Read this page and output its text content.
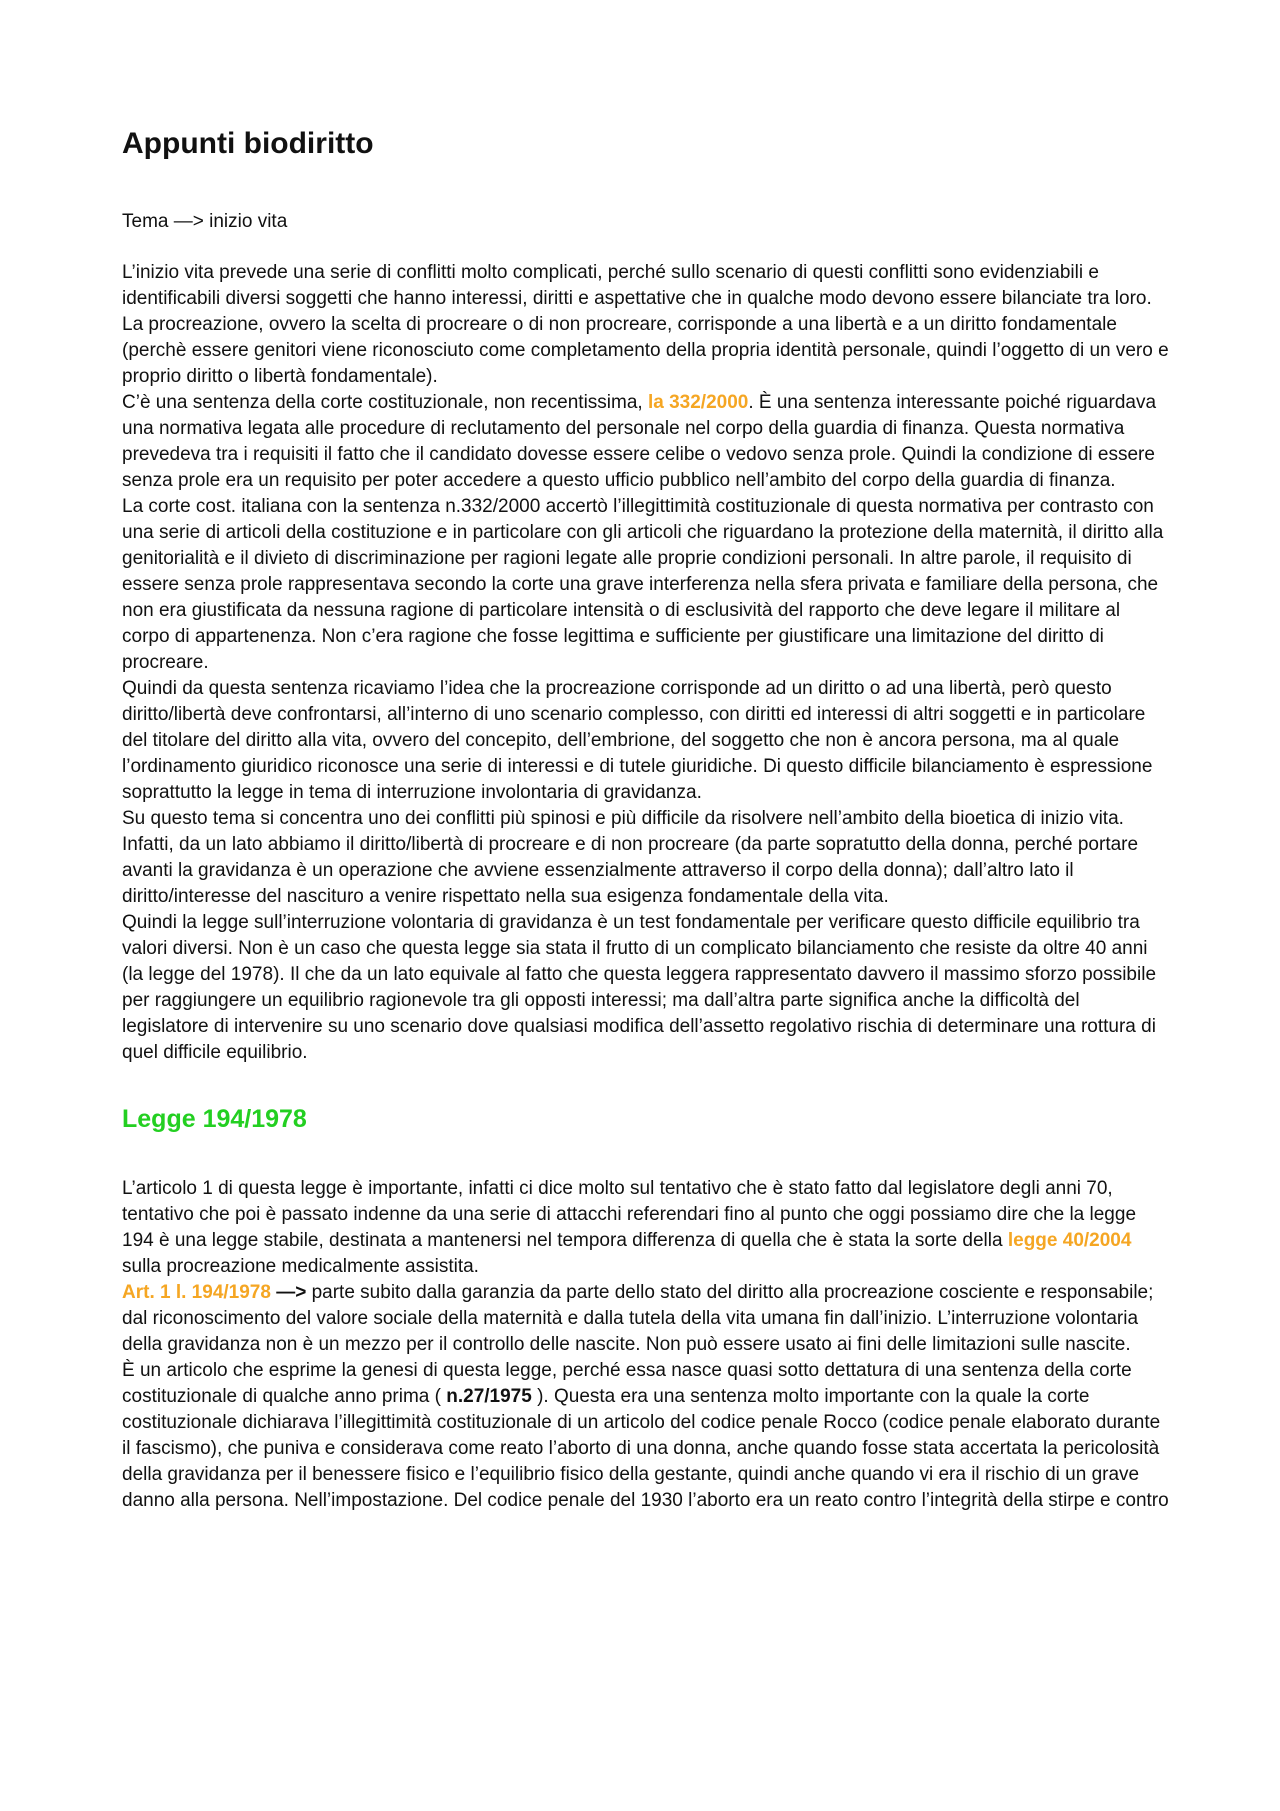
Appunti biodiritto

Tema —> inizio vita

L’inizio vita prevede una serie di conflitti molto complicati, perché sullo scenario di questi conflitti sono evidenziabili e identificabili diversi soggetti che hanno interessi, diritti e aspettative che in qualche modo devono essere bilanciate tra loro.

La procreazione, ovvero la scelta di procreare o di non procreare, corrisponde a una libertà e a un diritto fondamentale (perchè essere genitori viene riconosciuto come completamento della propria identità personale, quindi l’oggetto di un vero e proprio diritto o libertà fondamentale).

C’è una sentenza della corte costituzionale, non recentissima, la 332/2000. È una sentenza interessante poiché riguardava una normativa legata alle procedure di reclutamento del personale nel corpo della guardia di finanza. Questa normativa prevedeva tra i requisiti il fatto che il candidato dovesse essere celibe o vedovo senza prole. Quindi la condizione di essere senza prole era un requisito per poter accedere a questo ufficio pubblico nell’ambito del corpo della guardia di finanza.

La corte cost. italiana con la sentenza n.332/2000 accertò l’illegittimità costituzionale di questa normativa per contrasto con una serie di articoli della costituzione e in particolare con gli articoli che riguardano la protezione della maternità, il diritto alla genitorialità e il divieto di discriminazione per ragioni legate alle proprie condizioni personali. In altre parole, il requisito di essere senza prole rappresentava secondo la corte una grave interferenza nella sfera privata e familiare della persona, che non era giustificata da nessuna ragione di particolare intensità o di esclusività del rapporto che deve legare il militare al corpo di appartenenza. Non c’era ragione che fosse legittima e sufficiente per giustificare una limitazione del diritto di procreare.

Quindi da questa sentenza ricaviamo l’idea che la procreazione corrisponde ad un diritto o ad una libertà, però questo diritto/libertà deve confrontarsi, all’interno di uno scenario complesso, con diritti ed interessi di altri soggetti e in particolare del titolare del diritto alla vita, ovvero del concepito, dell’embrione, del soggetto che non è ancora persona, ma al quale l’ordinamento giuridico riconosce una serie di interessi e di tutele giuridiche. Di questo difficile bilanciamento è espressione soprattutto la legge in tema di interruzione involontaria di gravidanza.

Su questo tema si concentra uno dei conflitti più spinosi e più difficile da risolvere nell’ambito della bioetica di inizio vita. Infatti, da un lato abbiamo il diritto/libertà di procreare e di non procreare (da parte sopratutto della donna, perché portare avanti la gravidanza è un operazione che avviene essenzialmente attraverso il corpo della donna); dall’altro lato il diritto/interesse del nascituro a venire rispettato nella sua esigenza fondamentale della vita.

Quindi la legge sull’interruzione volontaria di gravidanza è un test fondamentale per verificare questo difficile equilibrio tra valori diversi. Non è un caso che questa legge sia stata il frutto di un complicato bilanciamento che resiste da oltre 40 anni (la legge del 1978). Il che da un lato equivale al fatto che questa leggera rappresentato davvero il massimo sforzo possibile per raggiungere un equilibrio ragionevole tra gli opposti interessi; ma dall’altra parte significa anche la difficoltà del legislatore di intervenire su uno scenario dove qualsiasi modifica dell’assetto regolativo rischia di determinare una rottura di quel difficile equilibrio.

Legge 194/1978

L’articolo 1 di questa legge è importante, infatti ci dice molto sul tentativo che è stato fatto dal legislatore degli anni 70, tentativo che poi è passato indenne da una serie di attacchi referendari fino al punto che oggi possiamo dire che la legge 194 è una legge stabile, destinata a mantenersi nel tempora differenza di quella che è stata la sorte della legge 40/2004 sulla procreazione medicalmente assistita.

Art. 1 l. 194/1978 —> parte subito dalla garanzia da parte dello stato del diritto alla procreazione cosciente e responsabile; dal riconoscimento del valore sociale della maternità e dalla tutela della vita umana fin dall’inizio. L’interruzione volontaria della gravidanza non è un mezzo per il controllo delle nascite. Non può essere usato ai fini delle limitazioni sulle nascite.

È un articolo che esprime la genesi di questa legge, perché essa nasce quasi sotto dettatura di una sentenza della corte costituzionale di qualche anno prima ( n.27/1975 ). Questa era una sentenza molto importante con la quale la corte costituzionale dichiarava l’illegittimità costituzionale di un articolo del codice penale Rocco (codice penale elaborato durante il fascismo), che puniva e considerava come reato l’aborto di una donna, anche quando fosse stata accertata la pericolosità della gravidanza per il benessere fisico e l’equilibrio fisico della gestante, quindi anche quando vi era il rischio di un grave danno alla persona. Nell’impostazione. Del codice penale del 1930 l’aborto era un reato contro l’integrità della stirpe e contro
